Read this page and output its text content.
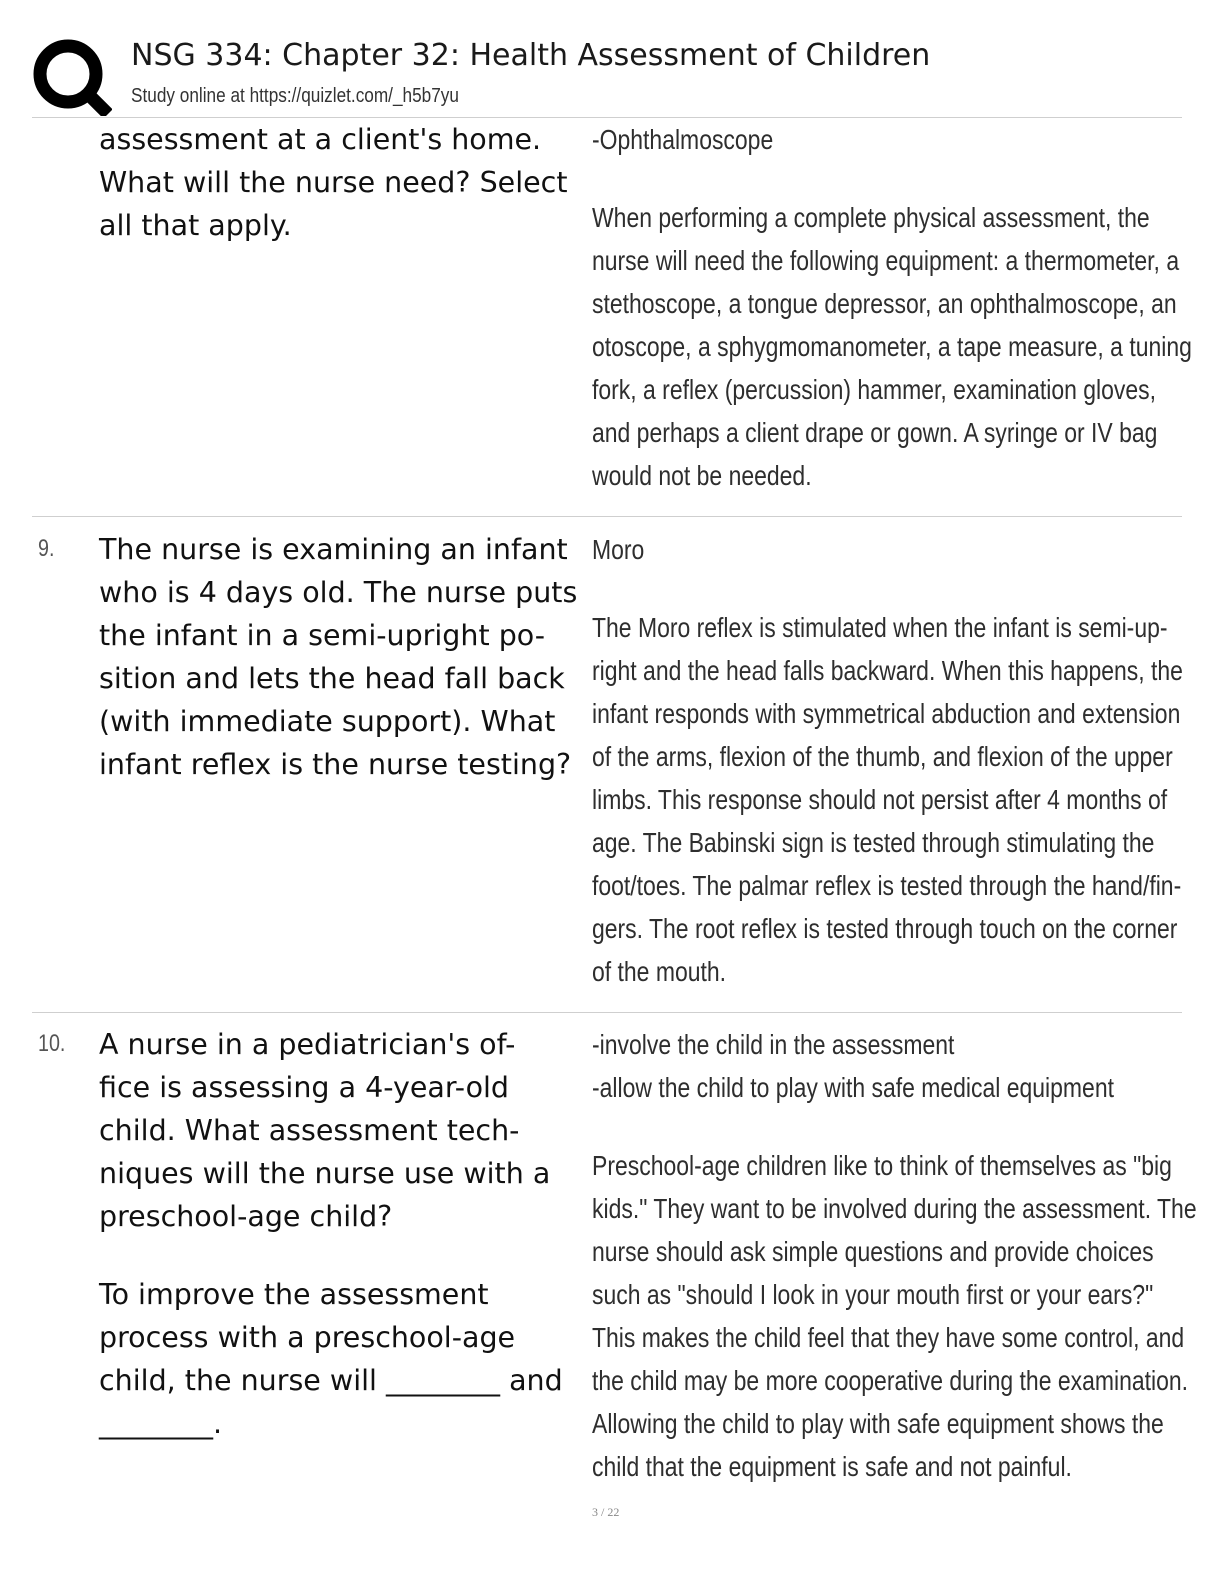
NSG 334: Chapter 32: Health Assessment of Children
Study online at https://quizlet.com/_h5b7yu
assessment at a client's home.
What will the nurse need? Select
all that apply.
-Ophthalmoscope
When performing a complete physical assessment, the
nurse will need the following equipment: a thermometer, a
stethoscope, a tongue depressor, an ophthalmoscope, an
otoscope, a sphygmomanometer, a tape measure, a tuning
fork, a reflex (percussion) hammer, examination gloves,
and perhaps a client drape or gown. A syringe or IV bag
would not be needed.
9. The nurse is examining an infant
who is 4 days old. The nurse puts
the infant in a semi-upright po-
sition and lets the head fall back
(with immediate support). What
infant reflex is the nurse testing?
Moro
The Moro reflex is stimulated when the infant is semi-up-
right and the head falls backward. When this happens, the
infant responds with symmetrical abduction and extension
of the arms, flexion of the thumb, and flexion of the upper
limbs. This response should not persist after 4 months of
age. The Babinski sign is tested through stimulating the
foot/toes. The palmar reflex is tested through the hand/fin-
gers. The root reflex is tested through touch on the corner
of the mouth.
10. A nurse in a pediatrician's of-
fice is assessing a 4-year-old
child. What assessment tech-
niques will the nurse use with a
preschool-age child?
To improve the assessment
process with a preschool-age
child, the nurse will ________ and
________.
-involve the child in the assessment
-allow the child to play with safe medical equipment
Preschool-age children like to think of themselves as "big
kids." They want to be involved during the assessment. The
nurse should ask simple questions and provide choices
such as "should I look in your mouth first or your ears?"
This makes the child feel that they have some control, and
the child may be more cooperative during the examination.
Allowing the child to play with safe equipment shows the
child that the equipment is safe and not painful.
3 / 22
